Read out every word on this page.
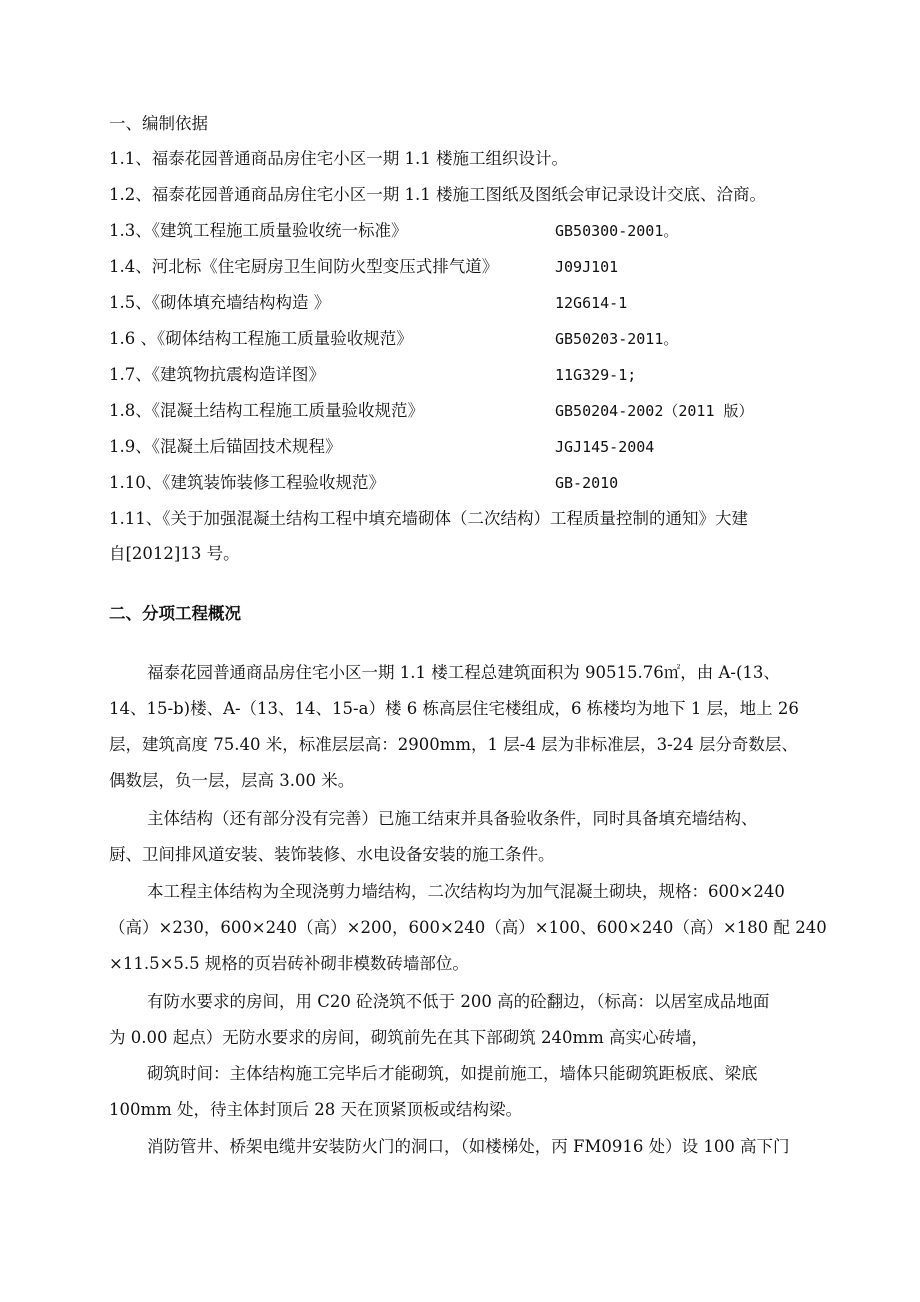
一、编制依据
1.1、福泰花园普通商品房住宅小区一期 1.1 楼施工组织设计。
1.2、福泰花园普通商品房住宅小区一期 1.1 楼施工图纸及图纸会审记录设计交底、洽商。
1.3、《建筑工程施工质量验收统一标准》	GB50300-2001。
1.4、河北标《住宅厨房卫生间防火型变压式排气道》	J09J101
1.5、《砌体填充墙结构构造 》	12G614-1
1.6 、《砌体结构工程施工质量验收规范》	GB50203-2011。
1.7、《建筑物抗震构造详图》	11G329-1;
1.8、《混凝土结构工程施工质量验收规范》	GB50204-2002（2011 版）
1.9、《混凝土后锚固技术规程》	JGJ145-2004
1.10、《建筑装饰装修工程验收规范》	GB-2010
1.11、《关于加强混凝土结构工程中填充墙砌体（二次结构）工程质量控制的通知》大建
自[2012]13 号。
二、分项工程概况
福泰花园普通商品房住宅小区一期 1.1 楼工程总建筑面积为 90515.76㎡，由 A-(13、
14、15-b)楼、A-（13、14、15-a）楼 6 栋高层住宅楼组成，6 栋楼均为地下 1 层，地上 26
层，建筑高度 75.40 米，标准层层高：2900mm，1 层-4 层为非标准层，3-24 层分奇数层、
偶数层，负一层，层高 3.00 米。
主体结构（还有部分没有完善）已施工结束并具备验收条件，同时具备填充墙结构、
厨、卫间排风道安装、装饰装修、水电设备安装的施工条件。
本工程主体结构为全现浇剪力墙结构，二次结构均为加气混凝土砌块，规格：600×240
（高）×230，600×240（高）×200，600×240（高）×100、600×240（高）×180 配 240
×11.5×5.5 规格的页岩砖补砌非模数砖墙部位。
有防水要求的房间，用 C20 砼浇筑不低于 200 高的砼翻边，（标高：以居室成品地面
为 0.00 起点）无防水要求的房间，砌筑前先在其下部砌筑 240mm 高实心砖墙，
砌筑时间：主体结构施工完毕后才能砌筑，如提前施工，墙体只能砌筑距板底、梁底
100mm 处，待主体封顶后 28 天在顶紧顶板或结构梁。
消防管井、桥架电缆井安装防火门的洞口，（如楼梯处，丙 FM0916 处）设 100 高下门
